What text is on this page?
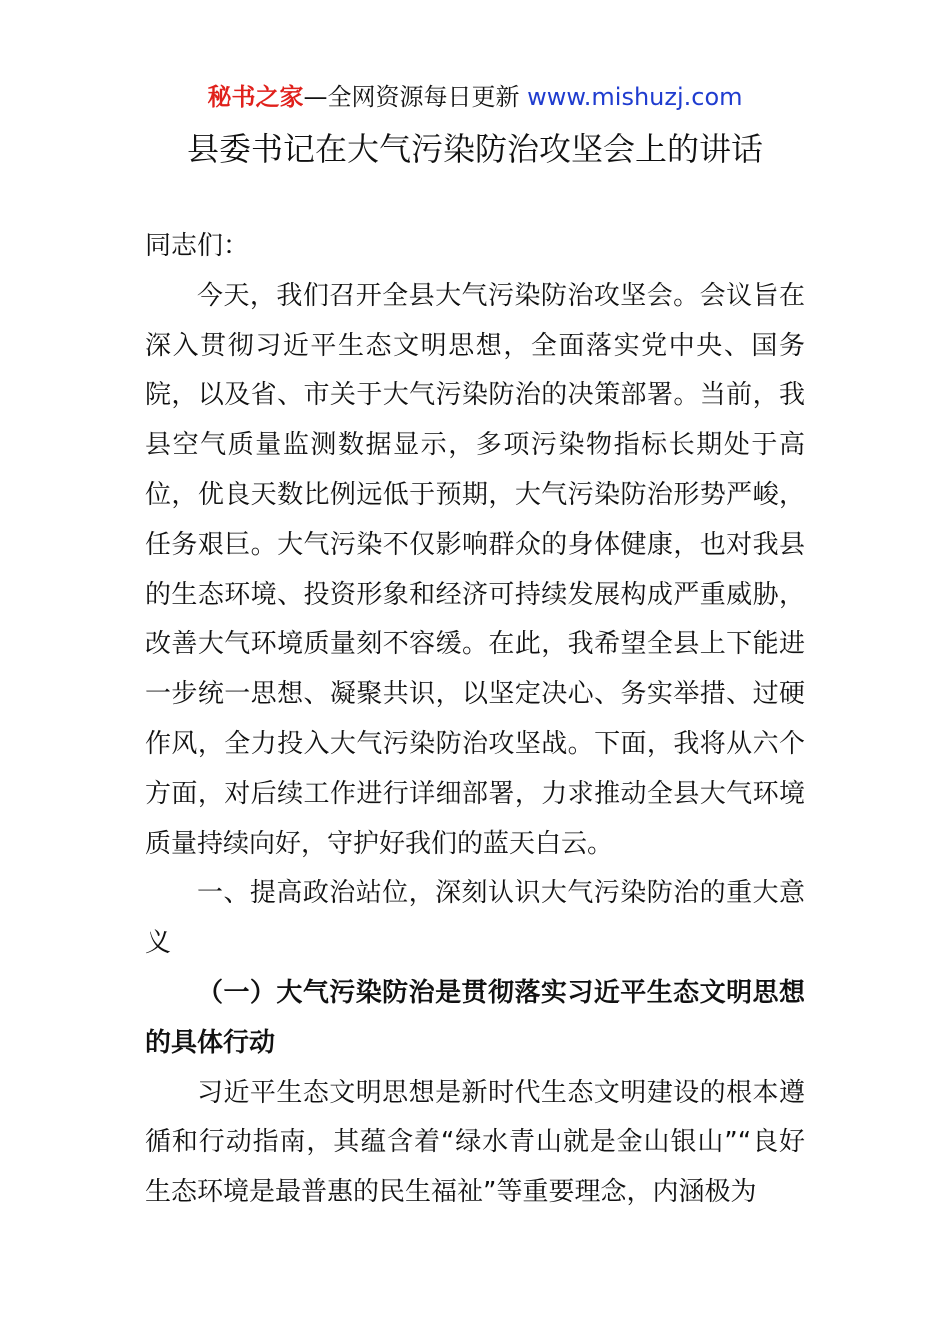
秘书之家—全网资源每日更新 www.mishuzj.com
县委书记在大气污染防治攻坚会上的讲话

同志们：

今天，我们召开全县大气污染防治攻坚会。会议旨在深入贯彻习近平生态文明思想，全面落实党中央、国务院，以及省、市关于大气污染防治的决策部署。当前，我县空气质量监测数据显示，多项污染物指标长期处于高位，优良天数比例远低于预期，大气污染防治形势严峻，任务艰巨。大气污染不仅影响群众的身体健康，也对我县的生态环境、投资形象和经济可持续发展构成严重威胁，改善大气环境质量刻不容缓。在此，我希望全县上下能进一步统一思想、凝聚共识，以坚定决心、务实举措、过硬作风，全力投入大气污染防治攻坚战。下面，我将从六个方面，对后续工作进行详细部署，力求推动全县大气环境质量持续向好，守护好我们的蓝天白云。

一、提高政治站位，深刻认识大气污染防治的重大意义

（一）大气污染防治是贯彻落实习近平生态文明思想的具体行动

习近平生态文明思想是新时代生态文明建设的根本遵循和行动指南，其蕴含着“绿水青山就是金山银山”“良好生态环境是最普惠的民生福祉”等重要理念，内涵极为
